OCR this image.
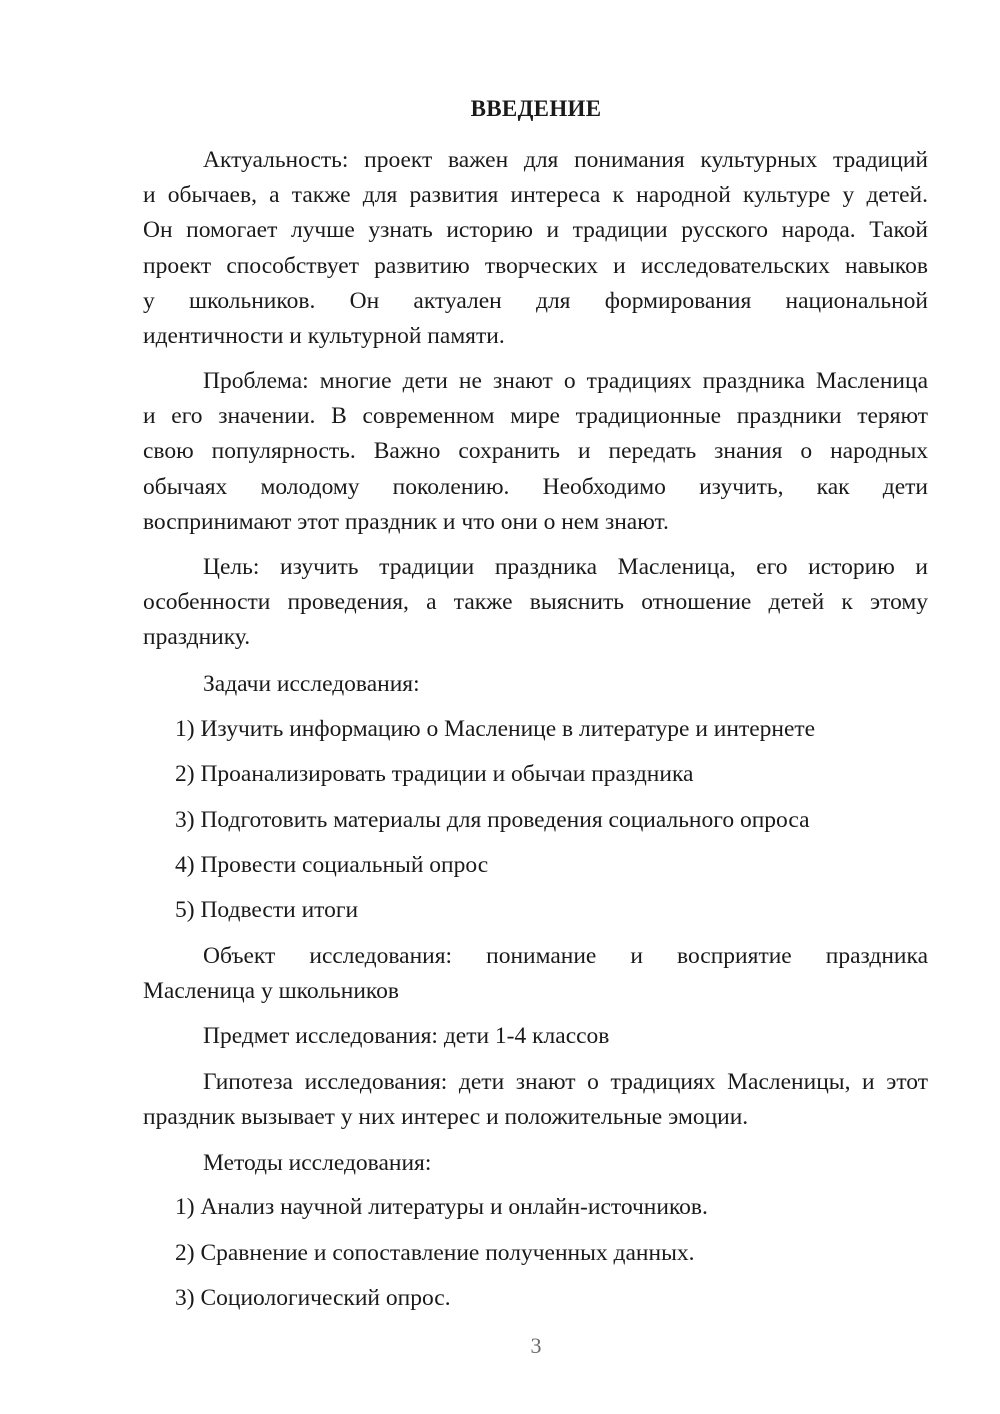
ВВЕДЕНИЕ
Актуальность: проект важен для понимания культурных традиций
и обычаев, а также для развития интереса к народной культуре у детей.
Он помогает лучше узнать историю и традиции русского народа. Такой
проект способствует развитию творческих и исследовательских навыков
у школьников. Он актуален для формирования национальной
идентичности и культурной памяти.
Проблема: многие дети не знают о традициях праздника Масленица
и его значении. В современном мире традиционные праздники теряют
свою популярность. Важно сохранить и передать знания о народных
обычаях молодому поколению. Необходимо изучить, как дети
воспринимают этот праздник и что они о нем знают.
Цель: изучить традиции праздника Масленица, его историю и
особенности проведения, а также выяснить отношение детей к этому
празднику.
Задачи исследования:
1) Изучить информацию о Масленице в литературе и интернете
2) Проанализировать традиции и обычаи праздника
3) Подготовить материалы для проведения социального опроса
4) Провести социальный опрос
5) Подвести итоги
Объект исследования: понимание и восприятие праздника
Масленица у школьников
Предмет исследования: дети 1-4 классов
Гипотеза исследования: дети знают о традициях Масленицы, и этот
праздник вызывает у них интерес и положительные эмоции.
Методы исследования:
1) Анализ научной литературы и онлайн-источников.
2) Сравнение и сопоставление полученных данных.
3) Социологический опрос.
3
